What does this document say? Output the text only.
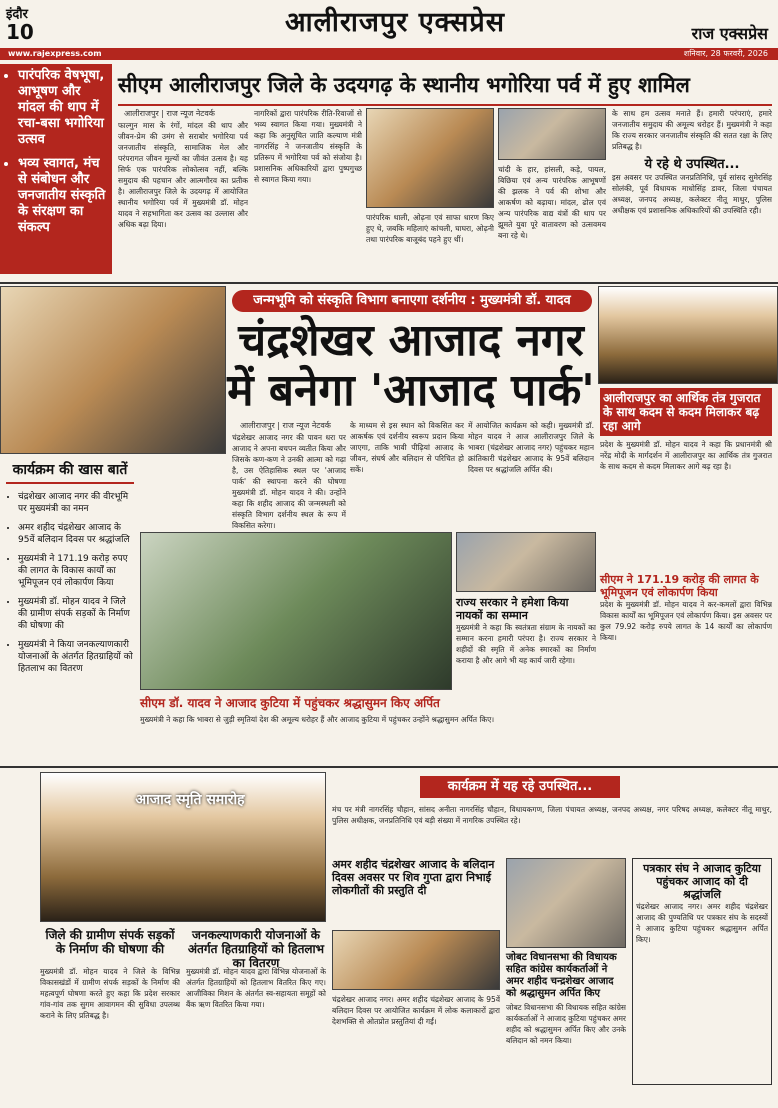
इंदौर
10	आलीराजपुर एक्सप्रेस	राज एक्सप्रेस
www.rajexpress.com	शनिवार, 28 फरवरी, 2026
• पारंपरिक वेषभूषा, आभूषण और मांदल की थाप में रचा-बसा भगोरिया उत्सव
• भव्य स्वागत, मंच से संबोधन और जनजातीय संस्कृति के संरक्षण का संकल्प
सीएम आलीराजपुर जिले के उदयगढ़ के स्थानीय भगोरिया पर्व में हुए शामिल
आलीराजपुर | राज न्यूज नेटवर्क
फाल्गुन मास के रंगों, मांदल की थाप और जीवन-प्रेम की उमंग से सराबोर भगोरिया पर्व जनजातीय संस्कृति, सामाजिक मेल और परंपरागत जीवन मूल्यों का जीवंत उत्सव है। यह सिर्फ एक पारंपरिक लोकोत्सव नहीं, बल्कि समुदाय की पहचान और आत्मगौरव का प्रतीक है। आलीराजपुर जिले के उदयगढ़ में आयोजित स्थानीय भगोरिया पर्व में मुख्यमंत्री डॉ. मोहन यादव ने सहभागिता कर उत्सव का उल्लास और अधिक बढ़ा दिया।
नागरिकों द्वारा पारंपरिक रीति-रिवाजों से भव्य स्वागत किया गया। मुख्यमंत्री ने कहा कि अनुसूचित जाति कल्याण मंत्री नागरसिंह ने जनजातीय संस्कृति के प्रतिरूप में भगोरिया पर्व को संजोया है। प्रशासनिक अधिकारियों द्वारा पुष्पगुच्छ से स्वागत किया गया।
पारंपरिक थाली, ओढ़ना एवं साफा धारण किए हुए थे, जबकि महिलाएं कांचली, घाघरा, ओढ़नी तथा पारंपरिक बाजूबंद पहने हुए थीं।
चांदी के हार, हांसली, कड़े, पायल, बिछिया एवं अन्य पारंपरिक आभूषणों की झलक ने पर्व की शोभा और आकर्षण को बढ़ाया। मांदल, ढोल एवं अन्य पारंपरिक वाद्य यंत्रों की थाप पर झूमते युवा पूरे वातावरण को उत्सवमय बना रहे थे।
के साथ हम उत्सव मनाते हैं। हमारी परंपराएं, हमारे जनजातीय समुदाय की अमूल्य धरोहर हैं। मुख्यमंत्री ने कहा कि राज्य सरकार जनजातीय संस्कृति की सतत रक्षा के लिए प्रतिबद्ध है।
ये रहे थे उपस्थित...
इस अवसर पर उपस्थित जनप्रतिनिधि, पूर्व सांसद सुमेरसिंह सोलंकी, पूर्व विधायक माधोसिंह डावर, जिला पंचायत अध्यक्ष, जनपद अध्यक्ष, कलेक्टर नीतू माथुर, पुलिस अधीक्षक एवं प्रशासनिक अधिकारियों की उपस्थिति रही।
जन्मभूमि को संस्कृति विभाग बनाएगा दर्शनीय : मुख्यमंत्री डॉ. यादव
चंद्रशेखर आजाद नगर
में बनेगा 'आजाद पार्क'
आलीराजपुर | राज न्यूज नेटवर्क
चंद्रशेखर आजाद नगर की पावन धरा पर आजाद ने अपना बचपन व्यतीत किया और जिसके कण-कण ने उनकी आत्मा को गढ़ा है, उस ऐतिहासिक स्थल पर 'आजाद पार्क' की स्थापना करने की घोषणा मुख्यमंत्री डॉ. मोहन यादव ने की। उन्होंने कहा कि शहीद आजाद की जन्मस्थली को संस्कृति विभाग दर्शनीय स्थल के रूप में विकसित करेगा।
के माध्यम से इस स्थान को विकसित कर आकर्षक एवं दर्शनीय स्वरूप प्रदान किया जाएगा, ताकि भावी पीढ़ियां आजाद के जीवन, संघर्ष और बलिदान से परिचित हो सकें।
में आयोजित कार्यक्रम को कही। मुख्यमंत्री डॉ. मोहन यादव ने आज आलीराजपुर जिले के भाबरा (चंद्रशेखर आजाद नगर) पहुंचकर महान क्रांतिकारी चंद्रशेखर आजाद के 95वें बलिदान दिवस पर श्रद्धांजलि अर्पित की।
कार्यक्रम की खास बातें
• चंद्रशेखर आजाद नगर की वीरभूमि पर मुख्यमंत्री का नमन
• अमर शहीद चंद्रशेखर आजाद के 95वें बलिदान दिवस पर श्रद्धांजलि
• मुख्यमंत्री ने 171.19 करोड़ रुपए की लागत के विकास कार्यों का भूमिपूजन एवं लोकार्पण किया
• मुख्यमंत्री डॉ. मोहन यादव ने जिले की ग्रामीण संपर्क सड़कों के निर्माण की घोषणा की
• मुख्यमंत्री ने किया जनकल्याणकारी योजनाओं के अंतर्गत हितग्राहियों को हितलाभ का वितरण
सीएम डॉ. यादव ने आजाद कुटिया में पहुंचकर श्रद्धासुमन किए अर्पित
मुख्यमंत्री ने कहा कि भाबरा से जुड़ी स्मृतियां देश की अमूल्य धरोहर हैं और आजाद कुटिया में पहुंचकर उन्होंने श्रद्धासुमन अर्पित किए।
राज्य सरकार ने हमेशा किया नायकों का सम्मान
मुख्यमंत्री ने कहा कि स्वतंत्रता संग्राम के नायकों का सम्मान करना हमारी परंपरा है। राज्य सरकार ने शहीदों की स्मृति में अनेक स्मारकों का निर्माण कराया है और आगे भी यह कार्य जारी रहेगा।
आलीराजपुर का आर्थिक तंत्र गुजरात के साथ कदम से कदम मिलाकर बढ़ रहा आगे
प्रदेश के मुख्यमंत्री डॉ. मोहन यादव ने कहा कि प्रधानमंत्री श्री नरेंद्र मोदी के मार्गदर्शन में आलीराजपुर का आर्थिक तंत्र गुजरात के साथ कदम से कदम मिलाकर आगे बढ़ रहा है।
सीएम ने 171.19 करोड़ की लागत के भूमिपूजन एवं लोकार्पण किया
प्रदेश के मुख्यमंत्री डॉ. मोहन यादव ने कर-कमलों द्वारा विभिन्न विकास कार्यों का भूमिपूजन एवं लोकार्पण किया। इस अवसर पर कुल 79.92 करोड़ रुपये लागत के 14 कार्यों का लोकार्पण किया।
आजाद स्मृति समारोह
कार्यक्रम में यह रहे उपस्थित...
मंच पर मंत्री नागरसिंह चौहान, सांसद अनीता नागरसिंह चौहान, विधायकगण, जिला पंचायत अध्यक्ष, जनपद अध्यक्ष, नगर परिषद अध्यक्ष, कलेक्टर नीतू माथुर, पुलिस अधीक्षक, जनप्रतिनिधि एवं बड़ी संख्या में नागरिक उपस्थित रहे।
जिले की ग्रामीण संपर्क सड़कों के निर्माण की घोषणा की
मुख्यमंत्री डॉ. मोहन यादव ने जिले के विभिन्न विकासखंडों में ग्रामीण संपर्क सड़कों के निर्माण की महत्वपूर्ण घोषणा करते हुए कहा कि प्रदेश सरकार गांव-गांव तक सुगम आवागमन की सुविधा उपलब्ध कराने के लिए प्रतिबद्ध है।
जनकल्याणकारी योजनाओं के अंतर्गत हितग्राहियों को हितलाभ का वितरण
मुख्यमंत्री डॉ. मोहन यादव द्वारा विभिन्न योजनाओं के अंतर्गत हितग्राहियों को हितलाभ वितरित किए गए। आजीविका मिशन के अंतर्गत स्व-सहायता समूहों को बैंक ऋण वितरित किया गया।
अमर शहीद चंद्रशेखर आजाद के बलिदान दिवस अवसर पर शिव गुप्ता द्वारा निभाई लोकगीतों की प्रस्तुति दी
चंद्रशेखर आजाद नगर। अमर शहीद चंद्रशेखर आजाद के 95वें बलिदान दिवस पर आयोजित कार्यक्रम में लोक कलाकारों द्वारा देशभक्ति से ओतप्रोत प्रस्तुतियां दी गईं।
जोबट विधानसभा की विधायक सहित कांग्रेस कार्यकर्ताओं ने अमर शहीद चन्द्रशेखर आजाद को श्रद्धासुमन अर्पित किए
जोबट विधानसभा की विधायक सहित कांग्रेस कार्यकर्ताओं ने आजाद कुटिया पहुंचकर अमर शहीद को श्रद्धासुमन अर्पित किए और उनके बलिदान को नमन किया।
पत्रकार संघ ने आजाद कुटिया पहुंचकर आजाद को दी श्रद्धांजलि
चंद्रशेखर आजाद नगर। अमर शहीद चंद्रशेखर आजाद की पुण्यतिथि पर पत्रकार संघ के सदस्यों ने आजाद कुटिया पहुंचकर श्रद्धासुमन अर्पित किए।
